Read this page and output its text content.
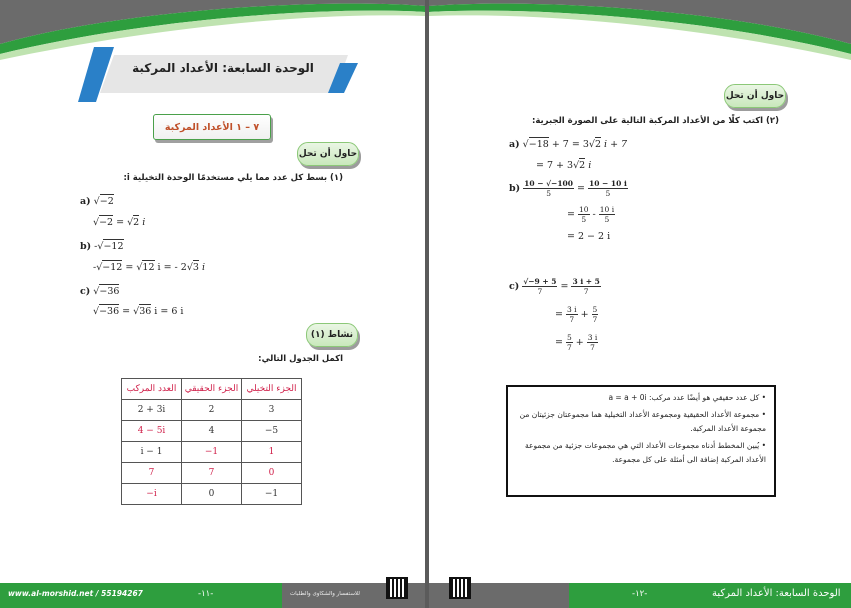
الوحدة السابعة: الأعداد المركبة
٧ – ١ الأعداد المركبة
حاول أن تحل
(١) بسط كل عدد مما يلي مستخدمًا الوحدة التخيلية i:
a) √−2
√−2 = √2 i
b) -√−12
-√−12 = √12 i = - 2√3 i
c) √−36
√−36 = √36 i = 6 i
نشاط (١)
اكمل الجدول التالي:
العدد المركب	الجزء الحقيقي	الجزء التخيلي
2 + 3i	2	3
4 − 5i	4	−5
i − 1	−1	1
7	7	0
−i	0	−1
www.al-morshid.net / 55194267	-١١-	للاستفسار والشكاوى والطلبات
حاول أن تحل
(٢) اكتب كلًا من الأعداد المركبة التالية على الصورة الجبرية:
a) √−18 + 7 = 3√2 i + 7
= 7 + 3√2 i
$b) \frac{10 - √-100}{5} = \frac{10 - 10 i}{5}$
= $\frac{10}{5} - \frac{10 i}{5}$
= 2 − 2 i
$c) \frac{√-9 + 5}{7} = \frac{3 i + 5}{7}$
= $\frac{3 i}{7} + \frac{5}{7}$
= $\frac{5}{7} + \frac{3 i}{7}$

• كل عدد حقيقي هو أيضًا عدد مركب: a = a + 0i

• مجموعة الأعداد الحقيقية ومجموعة الأعداد التخيلية هما مجموعتان جزئيتان من مجموعة الأعداد المركبة.

• يُبين المخطط أدناه مجموعات الأعداد التي هي مجموعات جزئية من مجموعة الأعداد المركبة إضافة الى أمثلة على كل مجموعة.

-١٢-	الوحدة السابعة: الأعداد المركبة
